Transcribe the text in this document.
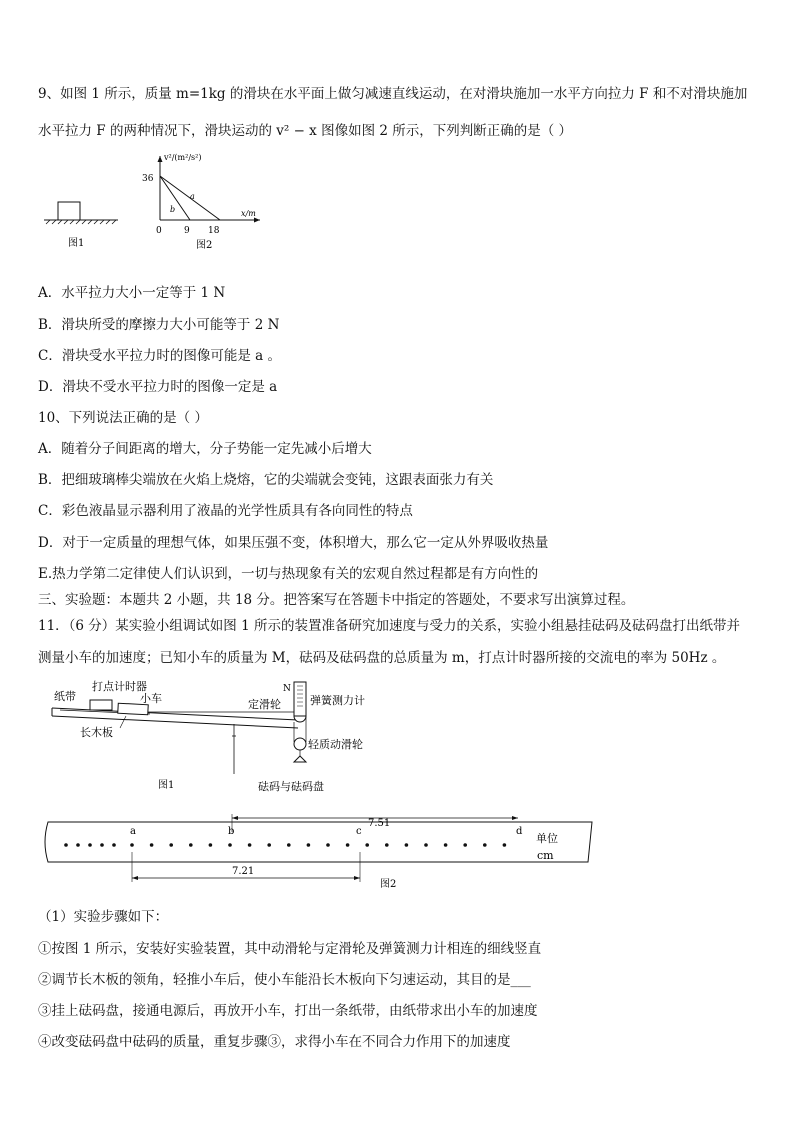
9、如图 1 所示，质量 m=1kg 的滑块在水平面上做匀减速直线运动，在对滑块施加一水平方向拉力 F 和不对滑块施加
水平拉力 F 的两种情况下，滑块运动的 v² − x 图像如图 2 所示，下列判断正确的是（ ）
图1
v²/(m²/s²)
x/m
36
0 9 18
a
b
图2
A．水平拉力大小一定等于 1 N
B．滑块所受的摩擦力大小可能等于 2 N
C．滑块受水平拉力时的图像可能是 a 。
D．滑块不受水平拉力时的图像一定是 a
10、下列说法正确的是（ ）
A．随着分子间距离的增大，分子势能一定先减小后增大
B．把细玻璃棒尖端放在火焰上烧熔，它的尖端就会变钝，这跟表面张力有关
C．彩色液晶显示器利用了液晶的光学性质具有各向同性的特点
D．对于一定质量的理想气体，如果压强不变，体积增大，那么它一定从外界吸收热量
E.热力学第二定律使人们认识到，一切与热现象有关的宏观自然过程都是有方向性的
三、实验题：本题共 2 小题，共 18 分。把答案写在答题卡中指定的答题处，不要求写出演算过程。
11．（6 分）某实验小组调试如图 1 所示的装置准备研究加速度与受力的关系，实验小组悬挂砝码及砝码盘打出纸带并
测量小车的加速度；已知小车的质量为 M，砝码及砝码盘的总质量为 m，打点计时器所接的交流电的率为 50Hz 。
纸带
打点计时器
小车	定滑轮
N
弹簧测力计
长木板
轻质动滑轮
砝码与砝码盘
图1
a	b	c	d
7.51
7.21
单位
cm
图2
（1）实验步骤如下：
①按图 1 所示，安装好实验装置，其中动滑轮与定滑轮及弹簧测力计相连的细线竖直
②调节长木板的领角，轻推小车后，使小车能沿长木板向下匀速运动，其目的是___
③挂上砝码盘，接通电源后，再放开小车，打出一条纸带，由纸带求出小车的加速度
④改变砝码盘中砝码的质量，重复步骤③，求得小车在不同合力作用下的加速度
